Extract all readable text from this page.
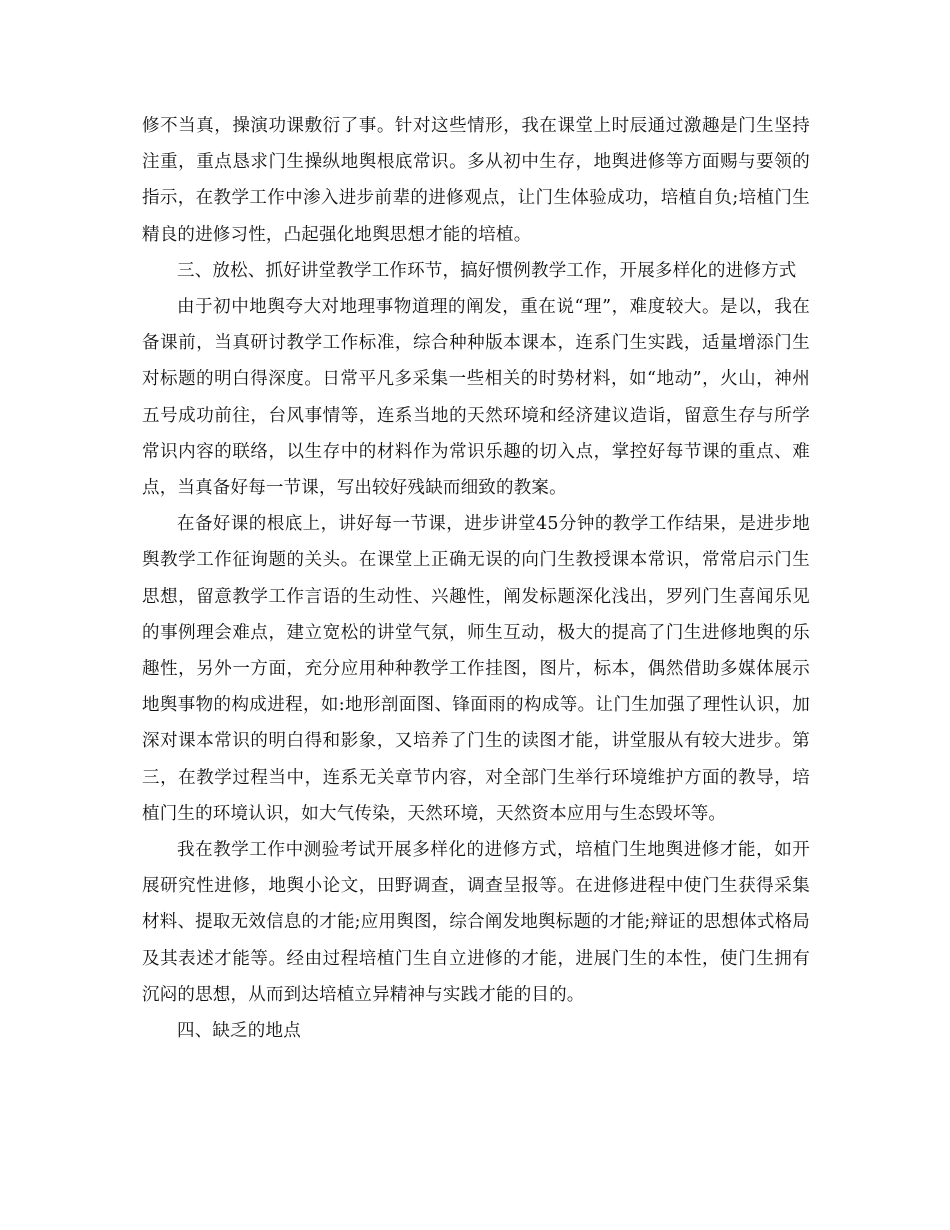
修不当真，操演功课敷衍了事。针对这些情形，我在课堂上时辰通过激趣是门生坚持注重，重点恳求门生操纵地舆根底常识。多从初中生存，地舆进修等方面赐与要领的指示，在教学工作中渗入进步前辈的进修观点，让门生体验成功，培植自负;培植门生精良的进修习性，凸起强化地舆思想才能的培植。

三、放松、抓好讲堂教学工作环节，搞好惯例教学工作，开展多样化的进修方式

由于初中地舆夸大对地理事物道理的阐发，重在说“理”，难度较大。是以，我在备课前，当真研讨教学工作标准，综合种种版本课本，连系门生实践，适量增添门生对标题的明白得深度。日常平凡多采集一些相关的时势材料，如“地动”，火山，神州五号成功前往，台风事情等，连系当地的天然环境和经济建议造诣，留意生存与所学常识内容的联络，以生存中的材料作为常识乐趣的切入点，掌控好每节课的重点、难点，当真备好每一节课，写出较好残缺而细致的教案。

在备好课的根底上，讲好每一节课，进步讲堂45分钟的教学工作结果，是进步地舆教学工作征询题的关头。在课堂上正确无误的向门生教授课本常识，常常启示门生思想，留意教学工作言语的生动性、兴趣性，阐发标题深化浅出，罗列门生喜闻乐见的事例理会难点，建立宽松的讲堂气氛，师生互动，极大的提高了门生进修地舆的乐趣性，另外一方面，充分应用种种教学工作挂图，图片，标本，偶然借助多媒体展示地舆事物的构成进程，如:地形剖面图、锋面雨的构成等。让门生加强了理性认识，加深对课本常识的明白得和影象，又培养了门生的读图才能，讲堂服从有较大进步。第三，在教学过程当中，连系无关章节内容，对全部门生举行环境维护方面的教导，培植门生的环境认识，如大气传染，天然环境，天然资本应用与生态毁坏等。

我在教学工作中测验考试开展多样化的进修方式，培植门生地舆进修才能，如开展研究性进修，地舆小论文，田野调查，调查呈报等。在进修进程中使门生获得采集材料、提取无效信息的才能;应用舆图，综合阐发地舆标题的才能;辩证的思想体式格局及其表述才能等。经由过程培植门生自立进修的才能，进展门生的本性，使门生拥有沉闷的思想，从而到达培植立异精神与实践才能的目的。

四、缺乏的地点
